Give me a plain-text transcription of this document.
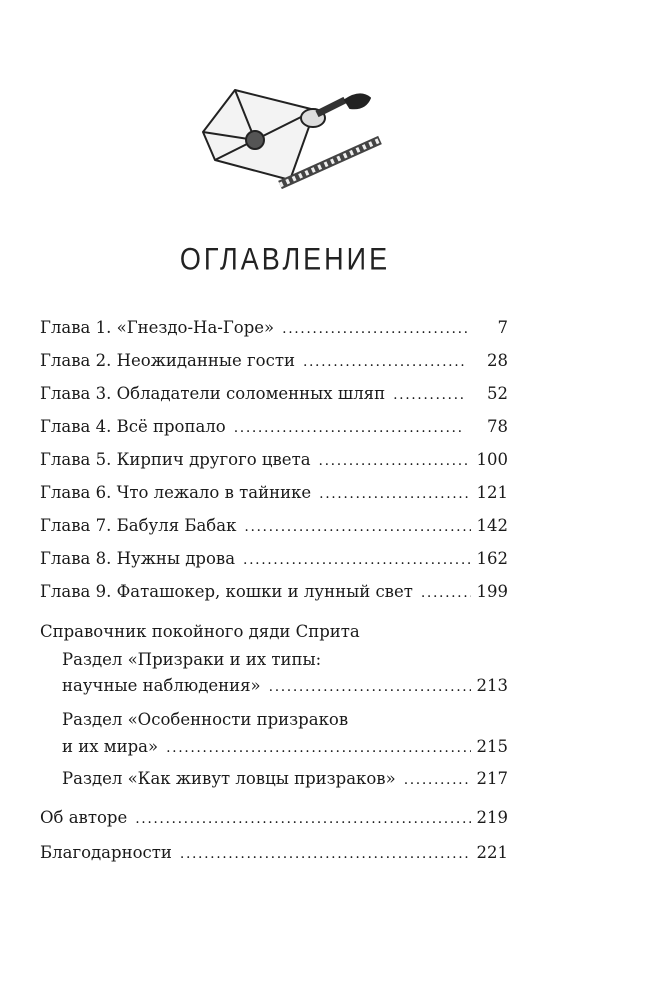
ОГЛАВЛЕНИЕ
Глава 1. «Гнездо-На-Горе» .....	7
Глава 2. Неожиданные гости .....	28
Глава 3. Обладатели соломенных шляп .....	52
Глава 4. Всё пропало .....	78
Глава 5. Кирпич другого цвета .....	100
Глава 6. Что лежало в тайнике .....	121
Глава 7. Бабуля Бабак .....	142
Глава 8. Нужны дрова .....	162
Глава 9. Фаташокер, кошки и лунный свет .....	199
Справочник покойного дяди Сприта
Раздел «Призраки и их типы:
научные наблюдения» .....	213
Раздел «Особенности призраков
и их мира» .....	215
Раздел «Как живут ловцы призраков» .....	217
Об авторе .....	219
Благодарности .....	221
